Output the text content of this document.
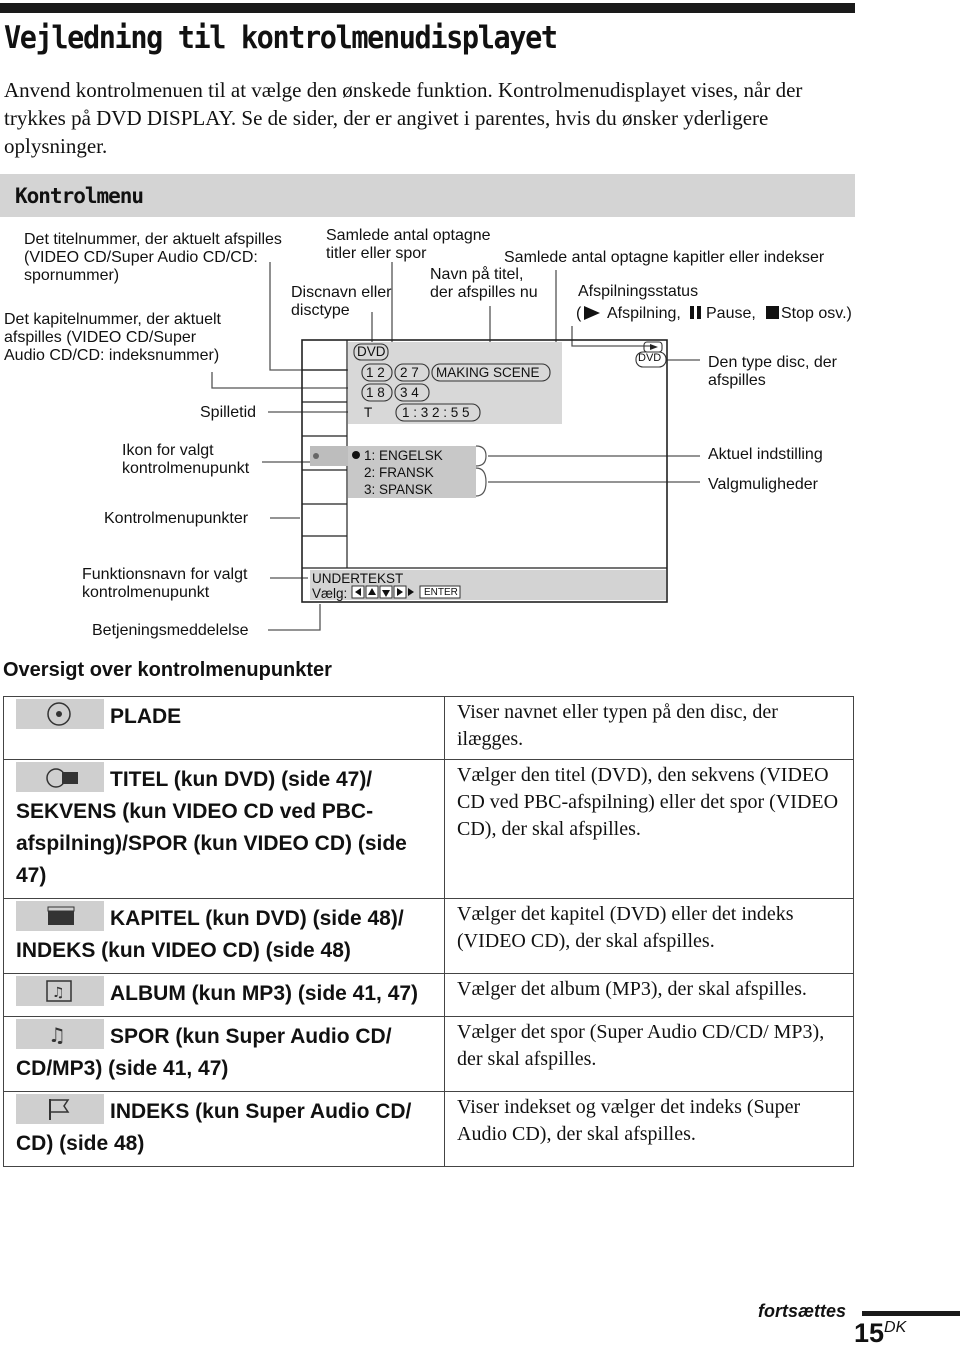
Vejledning til kontrolmenudisplayet
Anvend kontrolmenuen til at vælge den ønskede funktion. Kontrolmenudisplayet vises, når der trykkes på DVD DISPLAY. Se de sider, der er angivet i parentes, hvis du ønsker yderligere oplysninger.
Kontrolmenu
Det titelnummer, der aktuelt afspilles
(VIDEO CD/Super Audio CD/CD:
spornummer)
Det kapitelnummer, der aktuelt
afspilles (VIDEO CD/Super
Audio CD/CD: indeksnummer)
Spilletid
Ikon for valgt
kontrolmenupunkt
Kontrolmenupunkter
Funktionsnavn for valgt
kontrolmenupunkt
Betjeningsmeddelelse
Samlede antal optagne
titler eller spor	Samlede antal optagne kapitler eller indekser
Discnavn eller
disctype
Navn på titel,
der afspilles nu	Afspilningsstatus
( Afspilning, Pause, Stop osv.)
Den type disc, der
afspilles
Aktuel indstilling
Valgmuligheder
DVD
1 2 2 7 MAKING SCENE
1 8 3 4
T 1 : 3 2 : 5 5
DVD
1: ENGELSK
2: FRANSK
3: SPANSK
UNDERTEKST
Vælg:	ENTER
Oversigt over kontrolmenupunkter
PLADE	Viser navnet eller typen på den disc, der ilægges.

TITEL (kun DVD) (side 47)/ SEKVENS (kun VIDEO CD ved PBC-afspilning)/SPOR (kun VIDEO CD) (side 47)	Vælger den titel (DVD), den sekvens (VIDEO CD ved PBC-afspilning) eller det spor (VIDEO CD), der skal afspilles.

KAPITEL (kun DVD) (side 48)/ INDEKS (kun VIDEO CD) (side 48)	Vælger det kapitel (DVD) eller det indeks (VIDEO CD), der skal afspilles.

♫ ALBUM (kun MP3) (side 41, 47)	Vælger det album (MP3), der skal afspilles.

♫ SPOR (kun Super Audio CD/ CD/MP3) (side 41, 47)	Vælger det spor (Super Audio CD/CD/ MP3), der skal afspilles.

INDEKS (kun Super Audio CD/ CD) (side 48)	Viser indekset og vælger det indeks (Super Audio CD), der skal afspilles.
fortsættes
$15^{DK}$
